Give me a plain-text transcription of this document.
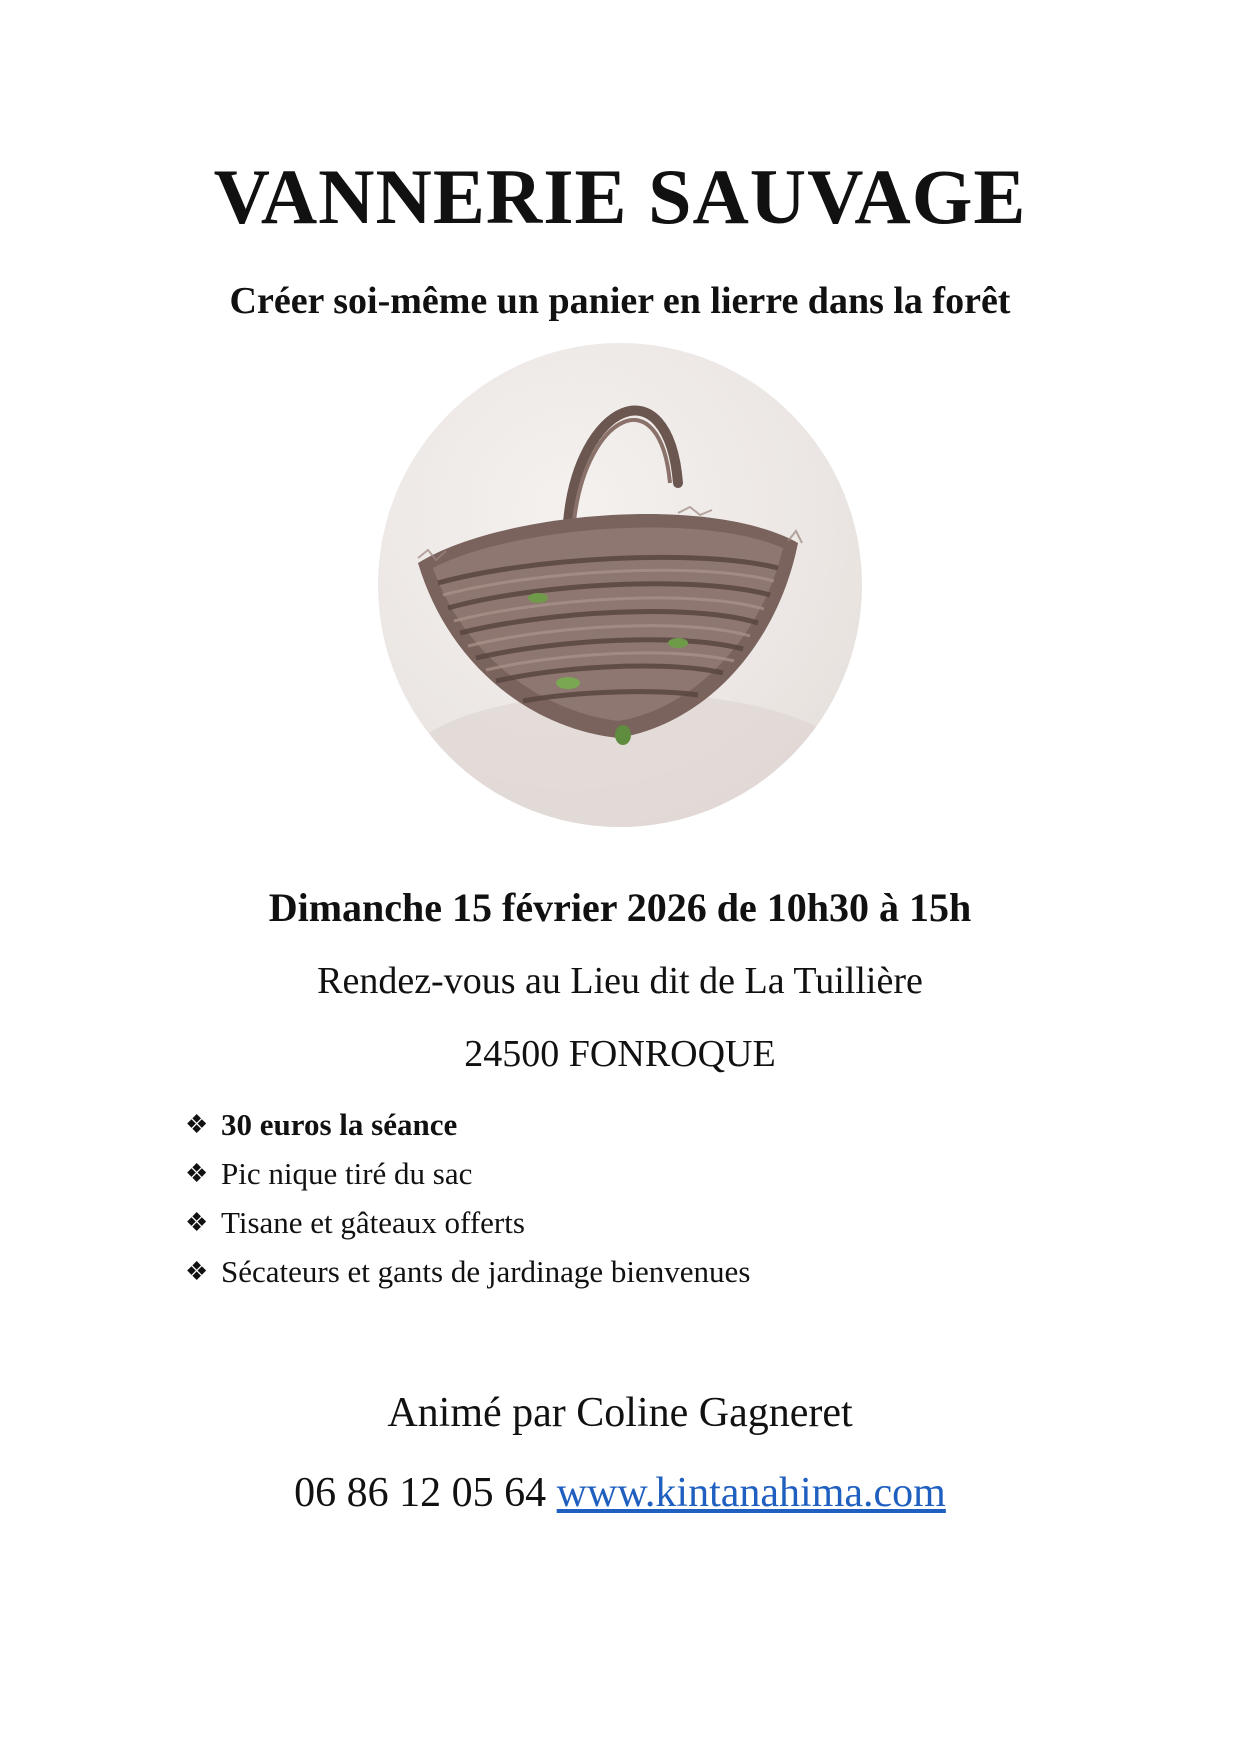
VANNERIE SAUVAGE
Créer soi-même un panier en lierre dans la forêt
Dimanche 15 février 2026 de 10h30 à 15h
Rendez-vous au Lieu dit de La Tuillière
24500 FONROQUE
❖ 30 euros la séance
❖ Pic nique tiré du sac
❖ Tisane et gâteaux offerts
❖ Sécateurs et gants de jardinage bienvenues
Animé par Coline Gagneret
06 86 12 05 64 www.kintanahima.com
